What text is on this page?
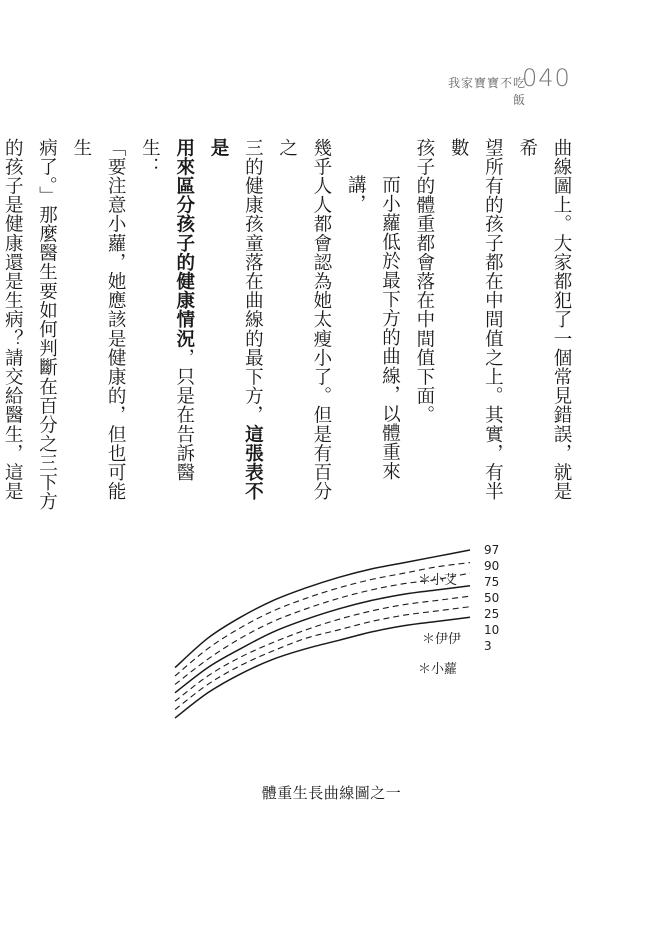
我家寶寶不吃飯
040
曲線圖上。大家都犯了一個常見錯誤，就是希
望所有的孩子都在中間值之上。其實，有半數
孩子的體重都會落在中間值下面。
而小蘿低於最下方的曲線，以體重來講，
幾乎人人都會認為她太瘦小了。但是有百分之
三的健康孩童落在曲線的最下方，這張表不是
用來區分孩子的健康情況，只是在告訴醫生：
「要注意小蘿，她應該是健康的，但也可能生
病了。」那麼醫生要如何判斷在百分之三下方
的孩子是健康還是生病？請交給醫生，這是
97
90
75
50
25
10
3
＊小艾
＊伊伊
＊小蘿
體重生長曲線圖之一
